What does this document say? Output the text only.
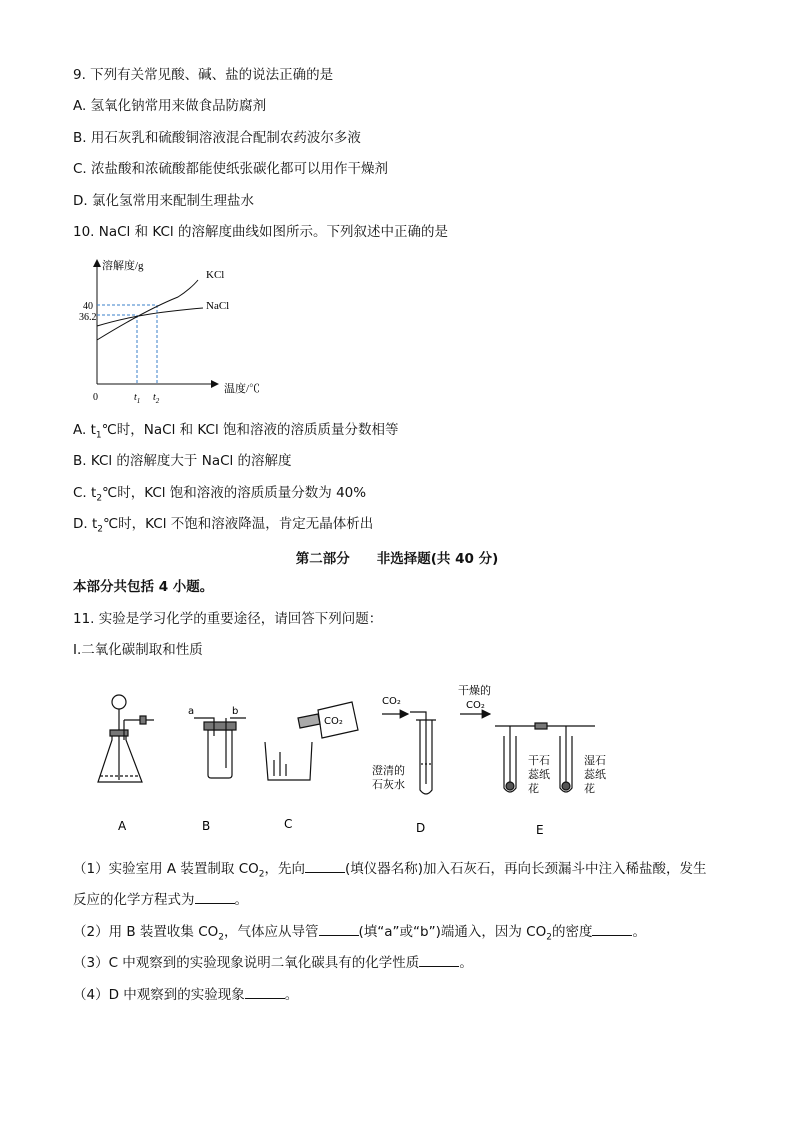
9. 下列有关常见酸、碱、盐的说法正确的是
A. 氢氧化钠常用来做食品防腐剂
B. 用石灰乳和硫酸铜溶液混合配制农药波尔多液
C. 浓盐酸和浓硫酸都能使纸张碳化都可以用作干燥剂
D. 氯化氢常用来配制生理盐水
10. NaCl 和 KCl 的溶解度曲线如图所示。下列叙述中正确的是
溶解度/g
温度/℃
0
40
36.2
KCl
NaCl
$t_1$ $t_2$
A. $t_1℃$时，NaCl 和 KCl 饱和溶液的溶质质量分数相等
B. KCl 的溶解度大于 NaCl 的溶解度
C. $t_2℃$时，KCl 饱和溶液的溶质质量分数为 40%
D. $t_2℃$时，KCl 不饱和溶液降温，肯定无晶体析出
第二部分　　非选择题(共 40 分)
本部分共包括 4 小题。
11. 实验是学习化学的重要途径，请回答下列问题：
I.二氧化碳制取和性质
a	b
CO₂
CO₂
澄清的
石灰水
干燥的
CO₂
干石
蕊纸
花
湿石
蕊纸
花
A	B	C	D	E
（1）实验室用 A 装置制取 $CO_2$，先向	(填仪器名称)加入石灰石，再向长颈漏斗中注入稀盐酸，发生
反应的化学方程式为	。
（2）用 B 装置收集 $CO_2$，气体应从导管	(填“a”或“b”)端通入，因为 $CO_2$的密度	。
（3）C 中观察到的实验现象说明二氧化碳具有的化学性质	。
（4）D 中观察到的实验现象	。
